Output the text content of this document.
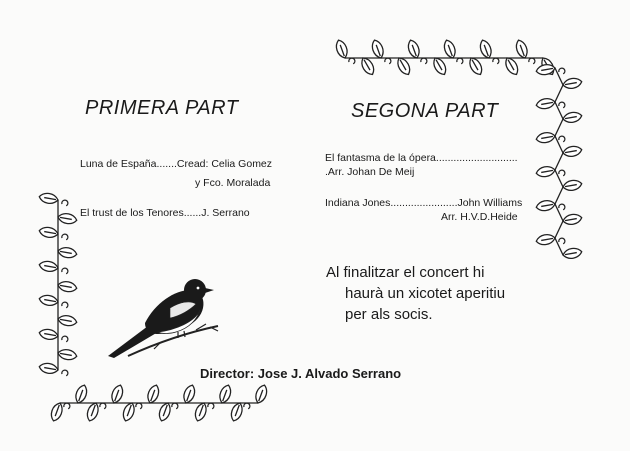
PRIMERA PART
Luna de España.......Cread: Celia Gomez
y Fco. Moralada
El trust de los Tenores......J. Serrano
SEGONA PART
El fantasma de la ópera............................
.Arr. Johan De Meij
Indiana Jones.......................John Williams
Arr. H.V.D.Heide
Al finalitzar el concert hi
haurà un xicotet aperitiu
per als socis.
Director: Jose J. Alvado Serrano
